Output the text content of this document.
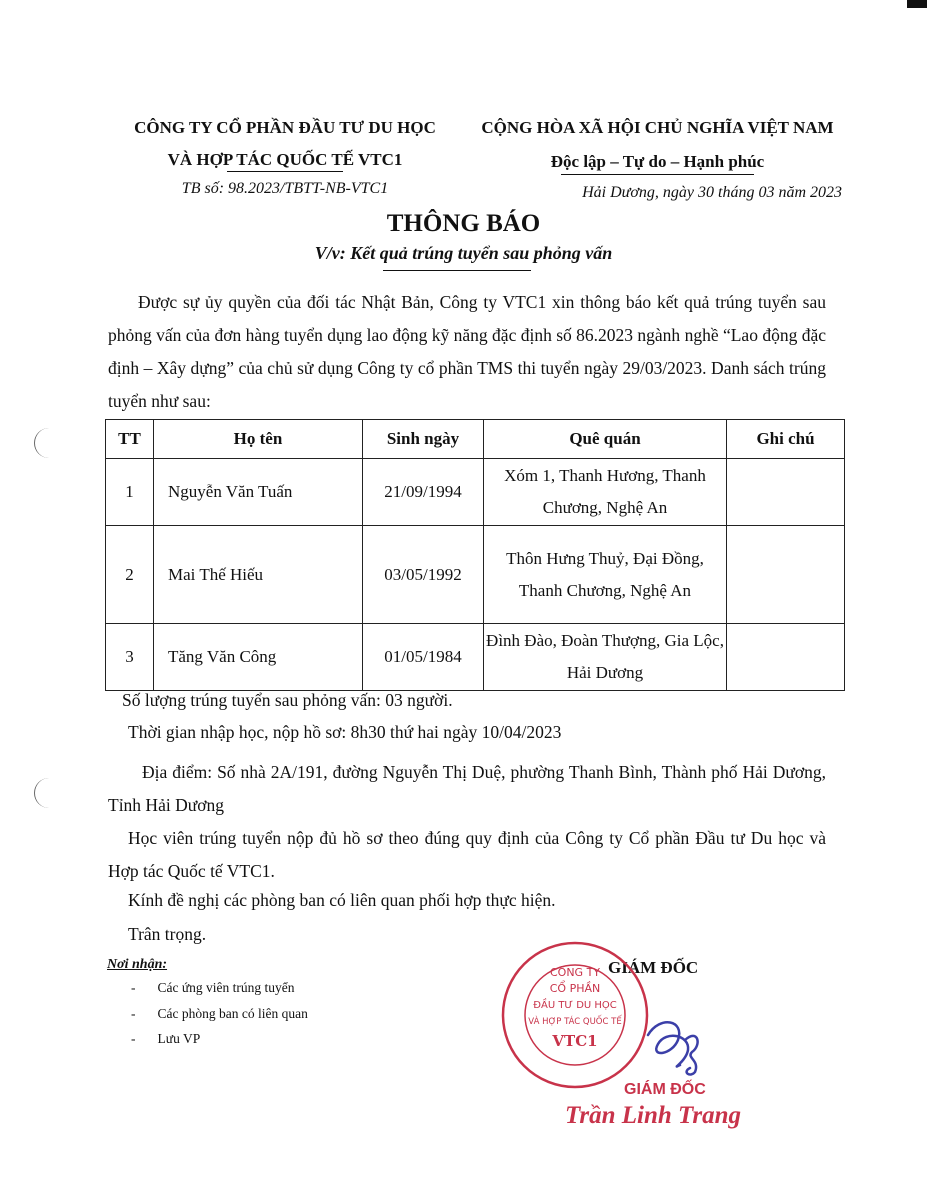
CÔNG TY CỔ PHẦN ĐẦU TƯ DU HỌC
VÀ HỢP TÁC QUỐC TẾ VTC1
TB số: 98.2023/TBTT-NB-VTC1
CỘNG HÒA XÃ HỘI CHỦ NGHĨA VIỆT NAM
Độc lập – Tự do – Hạnh phúc
Hải Dương, ngày 30 tháng 03 năm 2023
THÔNG BÁO
V/v: Kết quả trúng tuyển sau phỏng vấn
Được sự ủy quyền của đối tác Nhật Bản, Công ty VTC1 xin thông báo kết quả trúng tuyển sau phỏng vấn của đơn hàng tuyển dụng lao động kỹ năng đặc định số 86.2023 ngành nghề “Lao động đặc định – Xây dựng” của chủ sử dụng Công ty cổ phần TMS thi tuyển ngày 29/03/2023. Danh sách trúng tuyển như sau:
TT	Họ tên	Sinh ngày	Quê quán	Ghi chú
1	Nguyễn Văn Tuấn	21/09/1994	Xóm 1, Thanh Hương, Thanh Chương, Nghệ An	
2	Mai Thế Hiếu	03/05/1992	Thôn Hưng Thuỷ, Đại Đồng, Thanh Chương, Nghệ An	
3	Tăng Văn Công	01/05/1984	Đình Đào, Đoàn Thượng, Gia Lộc, Hải Dương	
Số lượng trúng tuyển sau phỏng vấn: 03 người.
Thời gian nhập học, nộp hồ sơ: 8h30 thứ hai ngày 10/04/2023
Địa điểm: Số nhà 2A/191, đường Nguyễn Thị Duệ, phường Thanh Bình, Thành phố Hải Dương, Tỉnh Hải Dương
Học viên trúng tuyển nộp đủ hồ sơ theo đúng quy định của Công ty Cổ phần Đầu tư Du học và Hợp tác Quốc tế VTC1.
Kính đề nghị các phòng ban có liên quan phối hợp thực hiện.
Trân trọng.
Nơi nhận:
- Các ứng viên trúng tuyển
- Các phòng ban có liên quan
- Lưu VP
GIÁM ĐỐC
CÔNG TY
CỔ PHẦN
ĐẦU TƯ DU HỌC
VÀ HỢP TÁC QUỐC TẾ
VTC1
GIÁM ĐỐC
Trần Linh Trang
